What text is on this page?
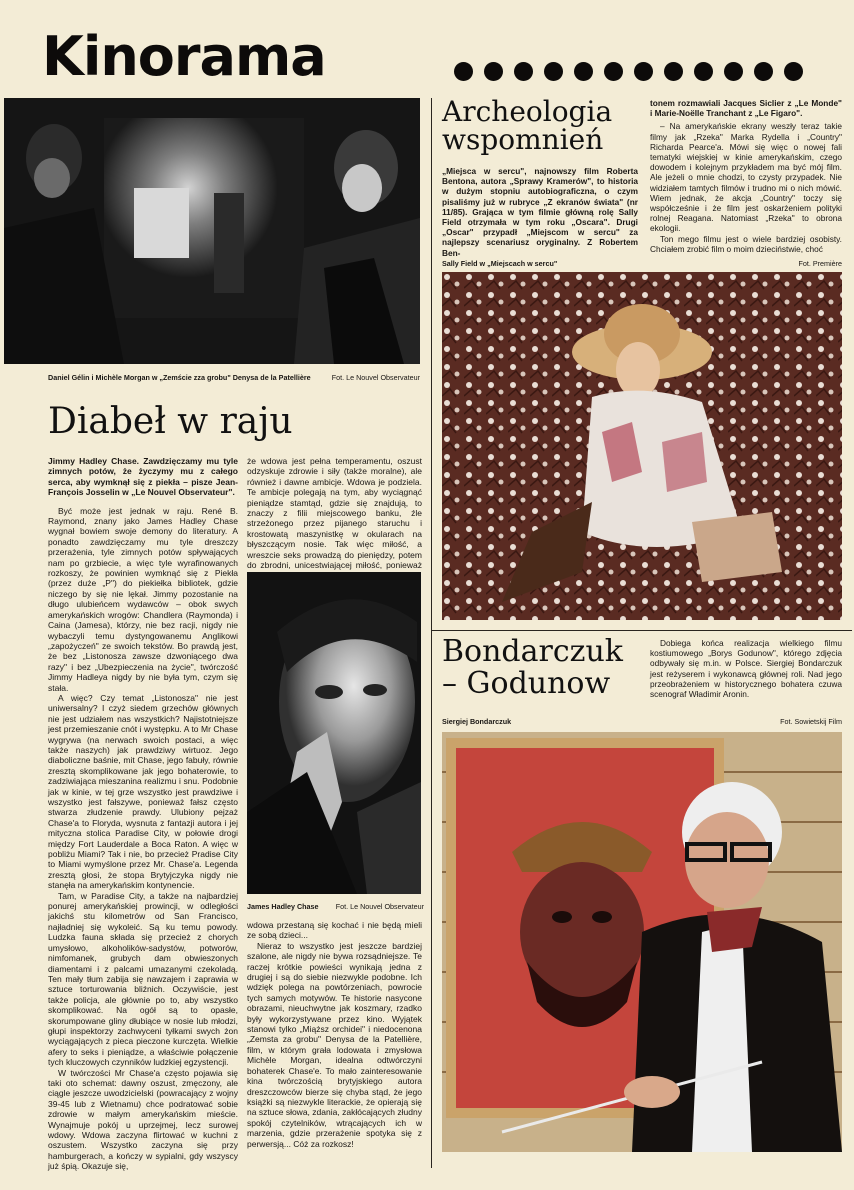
Kinorama
Daniel Gélin i Michèle Morgan w „Zemście zza grobu" Denysa de la Patellière	Fot. Le Nouvel Observateur
Diabeł w raju

Jimmy Hadley Chase. Zawdzięczamy mu tyle zimnych potów, że życzymy mu z całego serca, aby wymknął się z piekła – pisze Jean-François Josselin w „Le Nouvel Observateur".

Być może jest jednak w raju. René B. Raymond, znany jako James Hadley Chase wygnał bowiem swoje demony do literatury. A ponadto zawdzięczamy mu tyle dreszczy przerażenia, tyle zimnych potów spływających nam po grzbiecie, a więc tyle wyrafinowanych rozkoszy, że powinien wymknąć się z Piekła (przez duże „P") do piekiełka bibliotek, gdzie niczego by się nie lękał. Jimmy pozostanie na długo ulubieńcem wydawców – obok swych amerykańskich wrogów: Chandlera (Raymonda) i Caina (Jamesa), którzy, nie bez racji, nigdy nie wybaczyli temu dystyngowanemu Anglikowi „zapożyczeń" ze swoich tekstów. Bo prawdą jest, że bez „Listonosza zawsze dzwoniącego dwa razy" i bez „Ubezpieczenia na życie", twórczość Jimmy Hadleya nigdy by nie była tym, czym się stała.

A więc? Czy temat „Listonosza" nie jest uniwersalny? I czyż siedem grzechów głównych nie jest udziałem nas wszystkich? Najistotniejsze jest przemieszanie cnót i występku. A to Mr Chase wygrywa (na nerwach swoich postaci, a więc także naszych) jak prawdziwy wirtuoz. Jego diaboliczne baśnie, mit Chase, jego fabuły, równie zresztą skomplikowane jak jego bohaterowie, to zadziwiająca mieszanina realizmu i snu. Podobnie jak w kinie, w tej grze wszystko jest prawdziwe i wszystko jest fałszywe, ponieważ fałsz często stwarza złudzenie prawdy. Ulubiony pejzaż Chase'a to Floryda, wysnuta z fantazji autora i jej mityczna stolica Paradise City, w połowie drogi między Fort Lauderdale a Boca Raton. A więc w pobliżu Miami? Tak i nie, bo przecież Pradise City to Miami wymyślone przez Mr. Chase'a. Legenda zresztą głosi, że stopa Brytyjczyka nigdy nie stanęła na amerykańskim kontynencie.

Tam, w Paradise City, a także na najbardziej ponurej amerykańskiej prowincji, w odległości jakichś stu kilometrów od San Francisco, najładniej się wykoleić. Są ku temu powody. Ludzka fauna składa się przecież z chorych umysłowo, alkoholików-sadystów, potworów, nimfomanek, grubych dam obwieszonych diamentami i z palcami umazanymi czekoladą. Ten mały tłum zabija się nawzajem i zaprawia w sztuce torturowania bliźnich. Oczywiście, jest także policja, ale głównie po to, aby wszystko skomplikować. Na ogół są to opasłe, skorumpowane gliny dłubiące w nosie lub młodzi, głupi inspektorzy zachwyceni tyłkami swych żon wyciągających z pieca pieczone kurczęta. Wielkie afery to seks i pieniądze, a właściwie połączenie tych kluczowych czynników ludzkiej egzystencji.

W twórczości Mr Chase'a często pojawia się taki oto schemat: dawny oszust, zmęczony, ale ciągle jeszcze uwodzicielski (powracający z wojny 39-45 lub z Wietnamu) chce podratować sobie zdrowie w małym amerykańskim mieście. Wynajmuje pokój u uprzejmej, lecz surowej wdowy. Wdowa zaczyna flirtować w kuchni z oszustem. Wszystko zaczyna się przy hamburgerach, a kończy w sypialni, gdy wszyscy już śpią. Okazuje się,

że wdowa jest pełna temperamentu, oszust odzyskuje zdrowie i siły (także moralne), ale również i dawne ambicje. Wdowa je podziela. Te ambicje polegają na tym, aby wyciągnąć pieniądze stamtąd, gdzie się znajdują, to znaczy z filii miejscowego banku, źle strzeżonego przez pijanego staruchu i krostowatą maszynistkę w okularach na błyszczącym nosie. Tak więc miłość, a wreszcie seks prowadzą do pieniędzy, potem do zbrodni, unicestwiającej miłość, ponieważ

James Hadley Chase	Fot. Le Nouvel Observateur

wdowa przestaną się kochać i nie będą mieli ze sobą dzieci...

Nieraz to wszystko jest jeszcze bardziej szalone, ale nigdy nie bywa rozsądniejsze. Te raczej krótkie powieści wynikają jedna z drugiej i są do siebie niezwykle podobne. Ich wdzięk polega na powtórzeniach, powrocie tych samych motywów. Te historie nasycone obrazami, nieuchwytne jak koszmary, rzadko były wykorzystywane przez kino. Wyjątek stanowi tylko „Miąższ orchidei" i niedocenona „Zemsta za grobu" Denysa de la Patellière, film, w którym grała lodowata i zmysłowa Michèle Morgan, idealna odtwórczyni bohaterek Chase'e. To mało zainteresowanie kina twórczością brytyjskiego autora dreszczowców bierze się chyba stąd, że jego książki są niezwykle literackie, że opierają się na sztuce słowa, zdania, zakłócających złudny spokój czytelników, wtrącających ich w marzenia, gdzie przerażenie spotyka się z perwersją... Cóż za rozkosz!

Archeologia
wspomnień
„Miejsca w sercu", najnowszy film Roberta Bentona, autora „Sprawy Kramerów", to historia w dużym stopniu autobiograficzna, o czym pisaliśmy już w rubryce „Z ekranów świata" (nr 11/85). Grająca w tym filmie główną rolę Sally Field otrzymała w tym roku „Oscara". Drugi „Oscar" przypadł „Miejscom w sercu" za najlepszy scenariusz oryginalny. Z Robertem Ben-

tonem rozmawiali Jacques Siclier z „Le Monde" i Marie-Noëlle Tranchant z „Le Figaro".

– Na amerykańskie ekrany weszły teraz takie filmy jak „Rzeka" Marka Rydella i „Country" Richarda Pearce'a. Mówi się więc o nowej fali tematyki wiejskiej w kinie amerykańskim, czego dowodem i kolejnym przykładem ma być mój film. Ale jeżeli o mnie chodzi, to czysty przypadek. Nie widziałem tamtych filmów i trudno mi o nich mówić. Wiem jednak, że akcja „Country" toczy się współcześnie i że film jest oskarżeniem polityki rolnej Reagana. Natomiast „Rzeka" to obrona ekologii.

Ton mego filmu jest o wiele bardziej osobisty. Chciałem zrobić film o moim dzieciństwie, choć

Sally Field w „Miejscach w sercu"	Fot. Première
Bondarczuk
– Godunow
Dobiega końca realizacja wielkiego filmu kostiumowego „Borys Godunow", którego zdjęcia odbywały się m.in. w Polsce. Siergiej Bondarczuk jest reżyserem i wykonawcą głównej roli. Nad jego przeobrażeniem w historycznego bohatera czuwa scenograf Władimir Aronin.
Siergiej Bondarczuk	Fot. Sowietskij Film
